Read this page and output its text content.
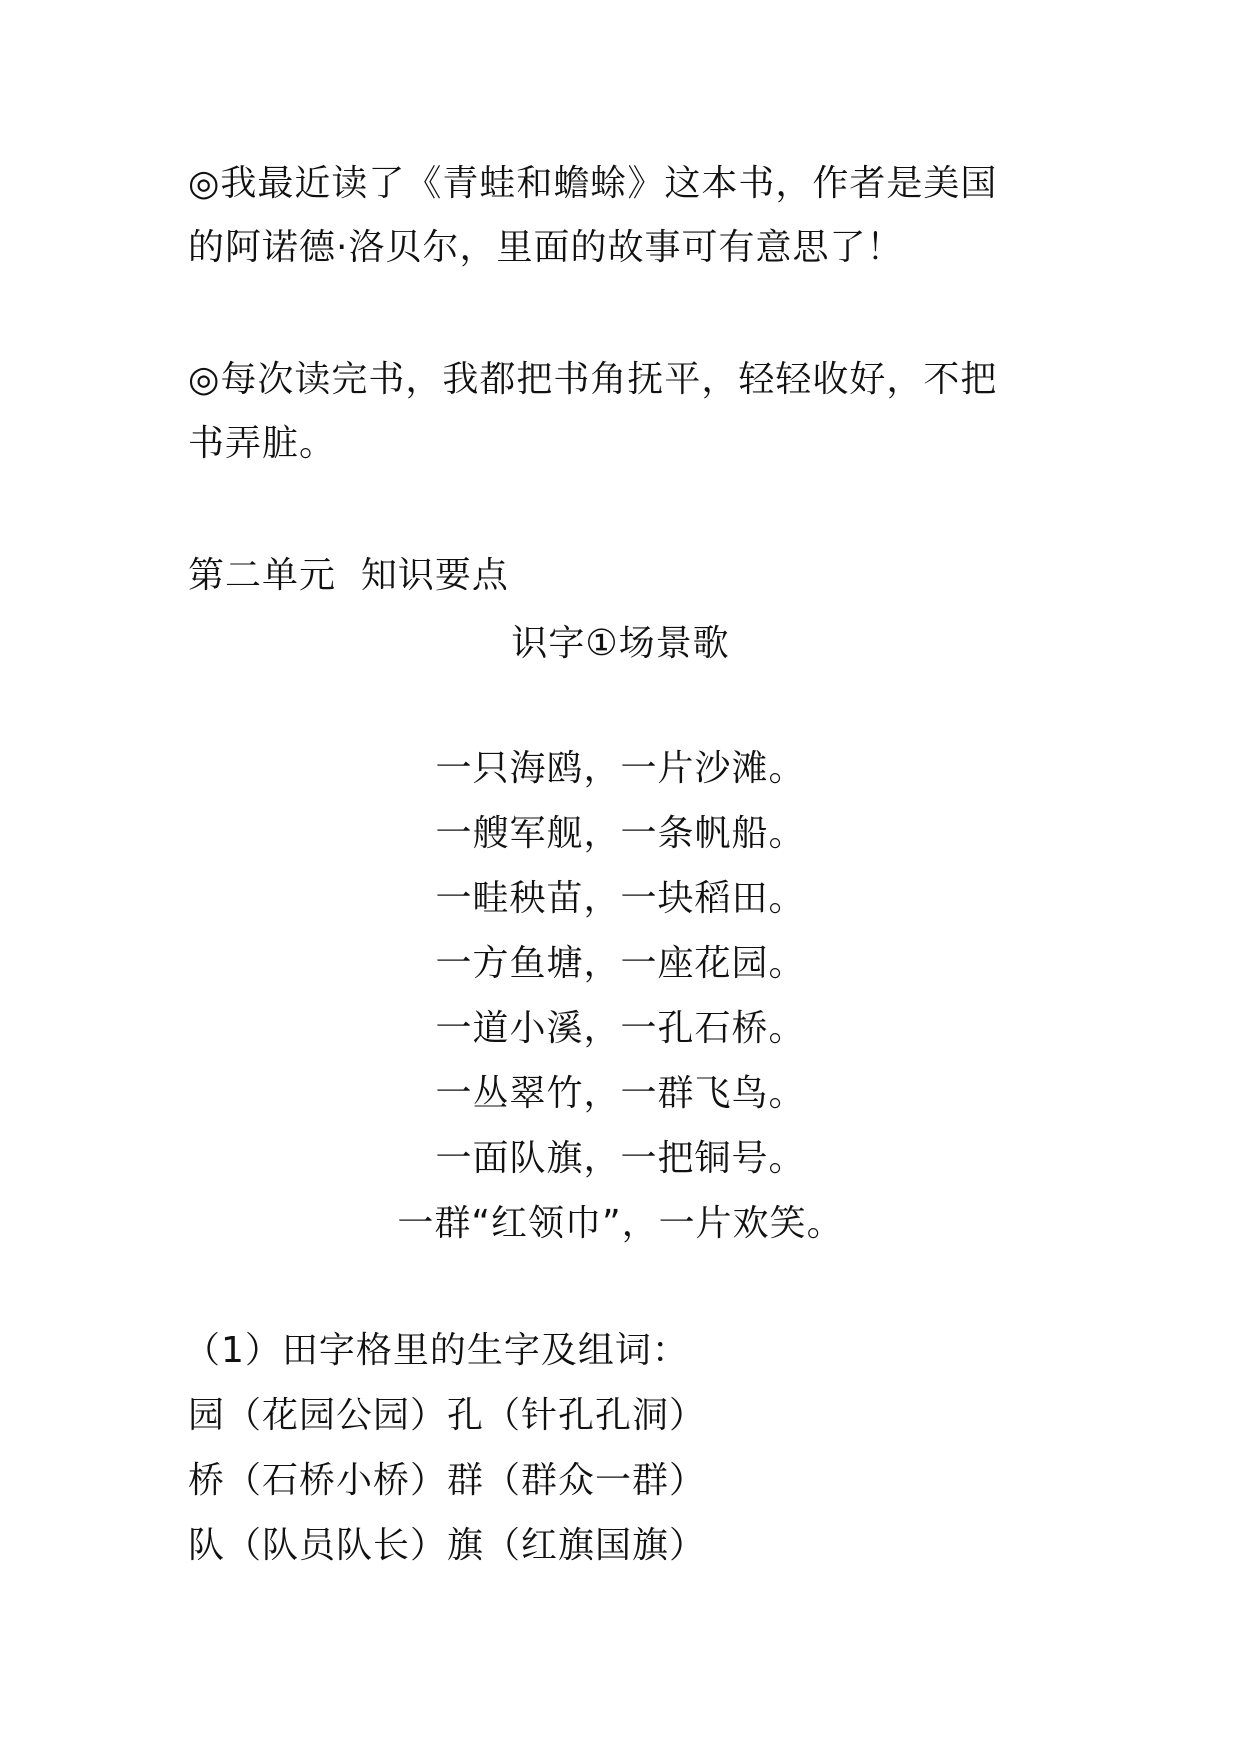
◎我最近读了《青蛙和蟾蜍》这本书，作者是美国
的阿诺德·洛贝尔，里面的故事可有意思了！
◎每次读完书，我都把书角抚平，轻轻收好，不把
书弄脏。
第二单元  知识要点
识字①场景歌
一只海鸥，一片沙滩。
一艘军舰，一条帆船。
一畦秧苗，一块稻田。
一方鱼塘，一座花园。
一道小溪，一孔石桥。
一丛翠竹，一群飞鸟。
一面队旗，一把铜号。
一群“红领巾”，一片欢笑。
（1）田字格里的生字及组词：
园（花园公园）孔（针孔孔洞）
桥（石桥小桥）群（群众一群）
队（队员队长）旗（红旗国旗）
